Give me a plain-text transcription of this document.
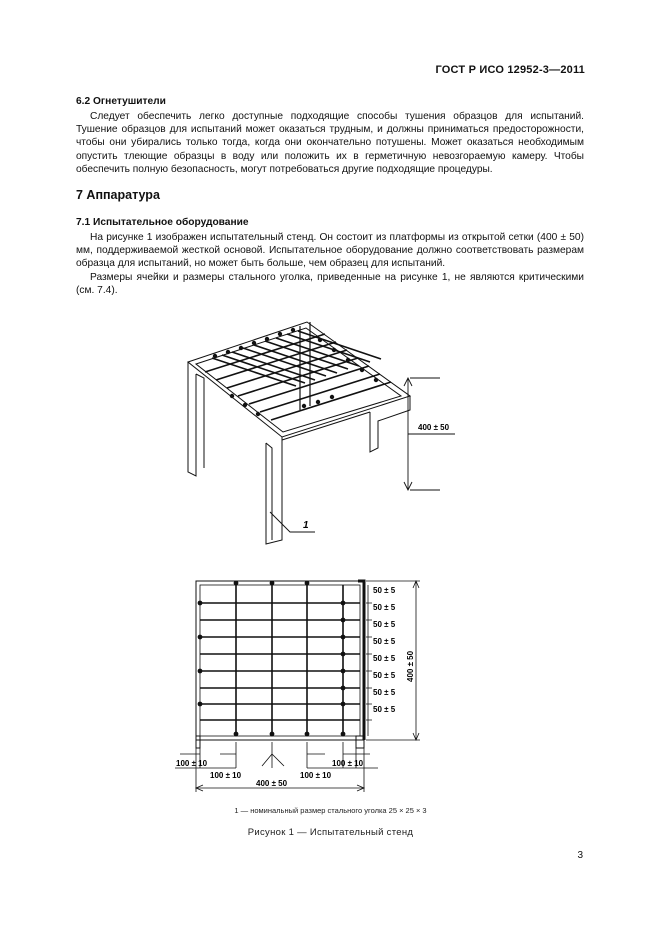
ГОСТ Р ИСО 12952-3—2011
6.2 Огнетушители

Следует обеспечить легко доступные подходящие способы тушения образцов для испытаний. Тушение образцов для испытаний может оказаться трудным, и должны приниматься предосторожности, чтобы они убирались только тогда, когда они окончательно потушены. Может оказаться необходимым опустить тлеющие образцы в воду или положить их в герметичную невозгораемую камеру. Чтобы обеспечить полную безопасность, могут потребоваться другие подходящие процедуры.

7 Аппаратура
7.1 Испытательное оборудование

На рисунке 1 изображен испытательный стенд. Он состоит из платформы из открытой сетки (400 ± 50) мм, поддерживаемой жесткой основой. Испытательное оборудование должно соответствовать размерам образца для испытаний, но может быть больше, чем образец для испытаний.

Размеры ячейки и размеры стального уголка, приведенные на рисунке 1, не являются критическими (см. 7.4).

400 ± 50
1
50 ± 5
50 ± 5
50 ± 5
50 ± 5
50 ± 5
50 ± 5
50 ± 5
50 ± 5
400 ± 50
100 ± 10
100 ± 10	100 ± 10
100 ± 10
400 ± 50
1 — номинальный размер стального уголка 25 × 25 × 3
Рисунок 1 — Испытательный стенд
3
